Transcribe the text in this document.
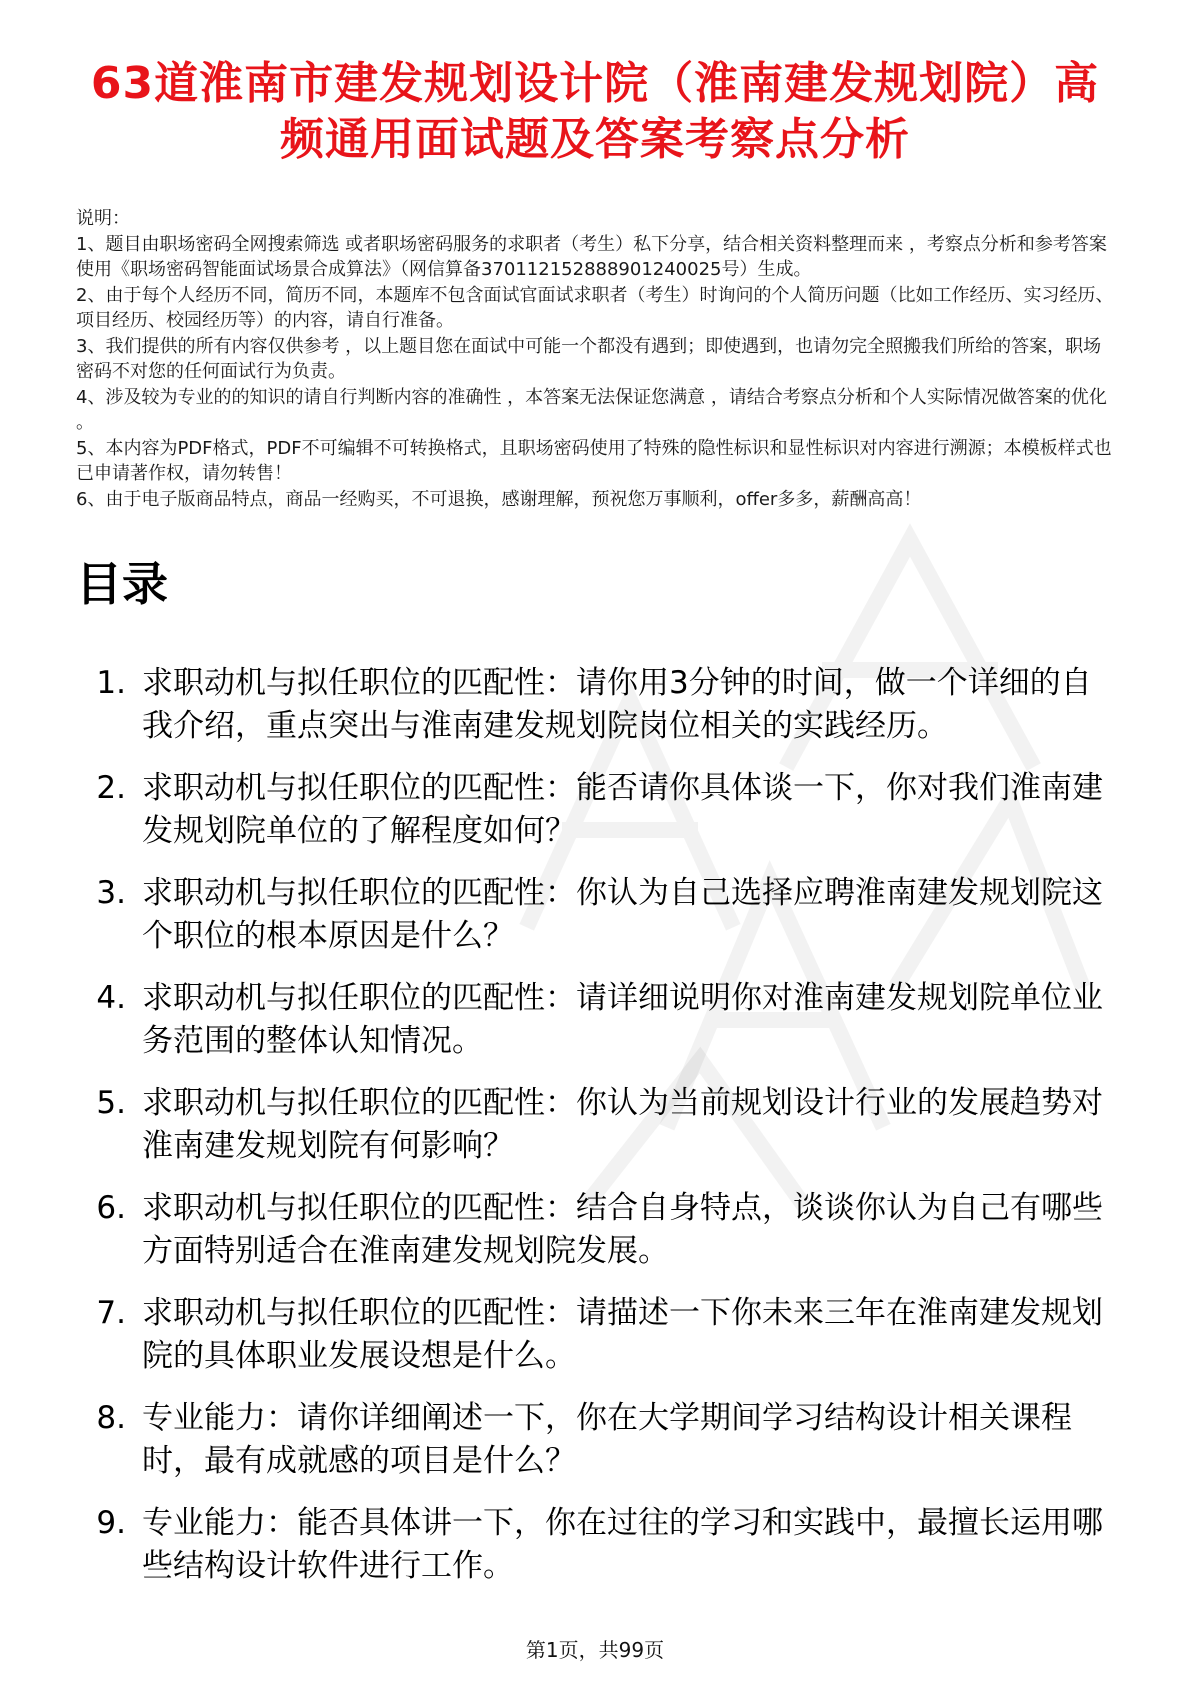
63道淮南市建发规划设计院（淮南建发规划院）高频通用面试题及答案考察点分析

说明：

1、题目由职场密码全网搜索筛选 或者职场密码服务的求职者（考生）私下分享，结合相关资料整理而来 ，考察点分析和参考答案使用《职场密码智能面试场景合成算法》（网信算备370112152888901240025号）生成。

2、由于每个人经历不同，简历不同，本题库不包含面试官面试求职者（考生）时询问的个人简历问题（比如工作经历、实习经历、项目经历、校园经历等）的内容，请自行准备。

3、我们提供的所有内容仅供参考 ，以上题目您在面试中可能一个都没有遇到；即使遇到，也请勿完全照搬我们所给的答案，职场密码不对您的任何面试行为负责。

4、涉及较为专业的的知识的请自行判断内容的准确性 ，本答案无法保证您满意 ，请结合考察点分析和个人实际情况做答案的优化 。

5、本内容为PDF格式，PDF不可编辑不可转换格式，且职场密码使用了特殊的隐性标识和显性标识对内容进行溯源；本模板样式也已申请著作权，请勿转售！

6、由于电子版商品特点，商品一经购买，不可退换，感谢理解，预祝您万事顺利，offer多多，薪酬高高！

目录
1. 求职动机与拟任职位的匹配性：请你用3分钟的时间，做一个详细的自我介绍，重点突出与淮南建发规划院岗位相关的实践经历。
2. 求职动机与拟任职位的匹配性：能否请你具体谈一下，你对我们淮南建发规划院单位的了解程度如何？
3. 求职动机与拟任职位的匹配性：你认为自己选择应聘淮南建发规划院这个职位的根本原因是什么？
4. 求职动机与拟任职位的匹配性：请详细说明你对淮南建发规划院单位业务范围的整体认知情况。
5. 求职动机与拟任职位的匹配性：你认为当前规划设计行业的发展趋势对淮南建发规划院有何影响？
6. 求职动机与拟任职位的匹配性：结合自身特点，谈谈你认为自己有哪些方面特别适合在淮南建发规划院发展。
7. 求职动机与拟任职位的匹配性：请描述一下你未来三年在淮南建发规划院的具体职业发展设想是什么。
8. 专业能力：请你详细阐述一下，你在大学期间学习结构设计相关课程时，最有成就感的项目是什么？
9. 专业能力：能否具体讲一下，你在过往的学习和实践中，最擅长运用哪些结构设计软件进行工作。
第1页，共99页
